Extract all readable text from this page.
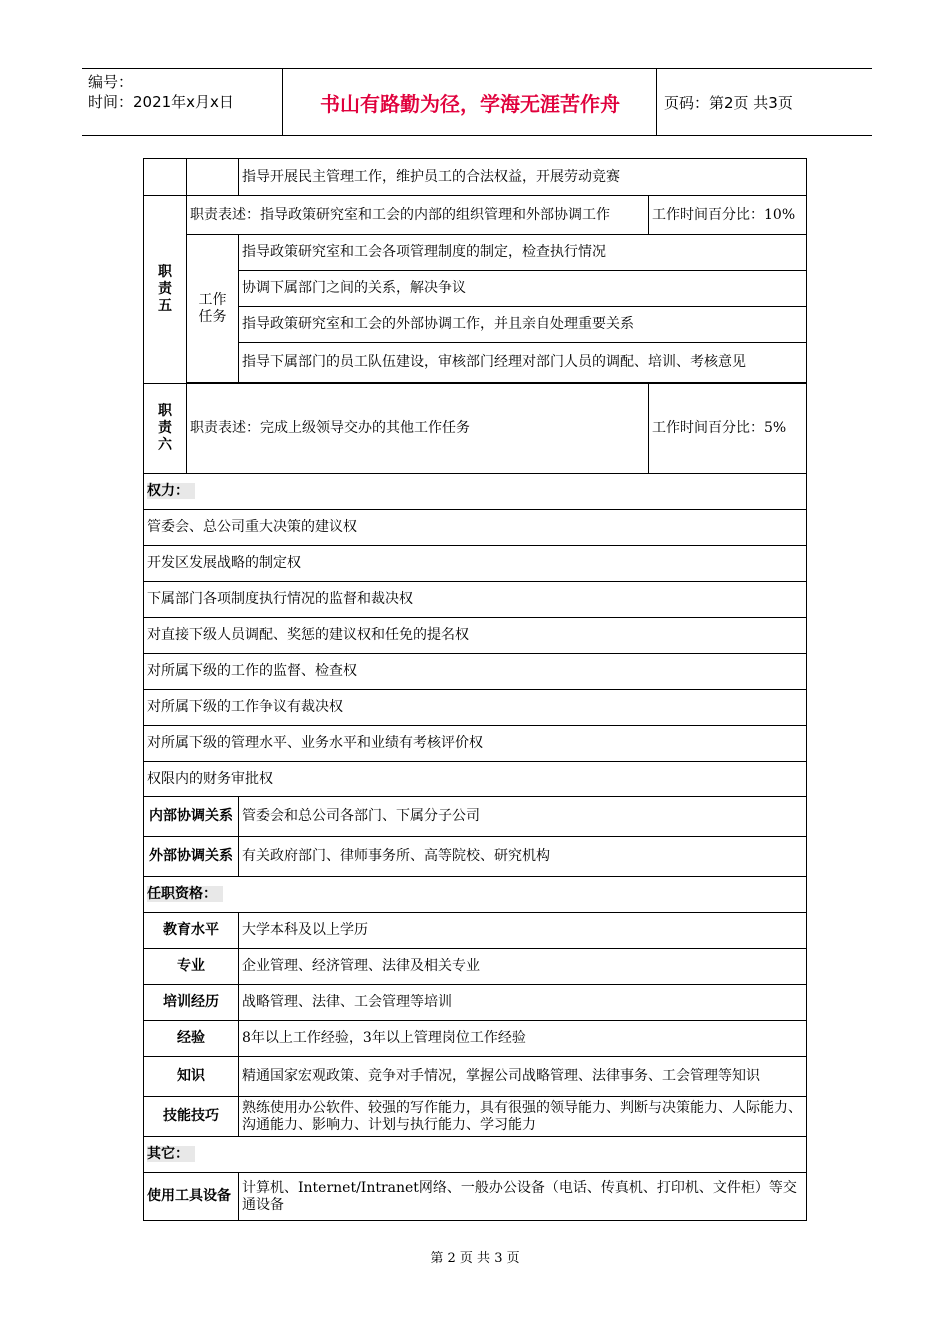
编号：
时间：2021年x月x日	书山有路勤为径，学海无涯苦作舟	页码：第2页 共3页
		指导开展民主管理工作，维护员工的合法权益，开展劳动竞赛	
职
责
五	职责表述：指导政策研究室和工会的内部的组织管理和外部协调工作		工作时间百分比：10%
	工作
任务	指导政策研究室和工会各项管理制度的制定，检查执行情况	
		协调下属部门之间的关系，解决争议	
		指导政策研究室和工会的外部协调工作，并且亲自处理重要关系	
		指导下属部门的员工队伍建设，审核部门经理对部门人员的调配、培训、考核意见	

职
责
六	职责表述：完成上级领导交办的其他工作任务		工作时间百分比：5%
权力：			
管委会、总公司重大决策的建议权			
开发区发展战略的制定权			
下属部门各项制度执行情况的监督和裁决权			
对直接下级人员调配、奖惩的建议权和任免的提名权			
对所属下级的工作的监督、检查权			
对所属下级的工作争议有裁决权			
对所属下级的管理水平、业务水平和业绩有考核评价权			
权限内的财务审批权			
内部协调关系		管委会和总公司各部门、下属分子公司	
外部协调关系		有关政府部门、律师事务所、高等院校、研究机构	
任职资格：			
教育水平		大学本科及以上学历	
专业		企业管理、经济管理、法律及相关专业	
培训经历		战略管理、法律、工会管理等培训	
经验		8年以上工作经验，3年以上管理岗位工作经验	
知识		精通国家宏观政策、竞争对手情况，掌握公司战略管理、法律事务、工会管理等知识	
技能技巧		熟练使用办公软件、较强的写作能力，具有很强的领导能力、判断与决策能力、人际能力、沟通能力、影响力、计划与执行能力、学习能力	
其它：			
使用工具设备		计算机、Internet/Intranet网络、一般办公设备（电话、传真机、打印机、文件柜）等交通设备	
第 2 页 共 3 页
